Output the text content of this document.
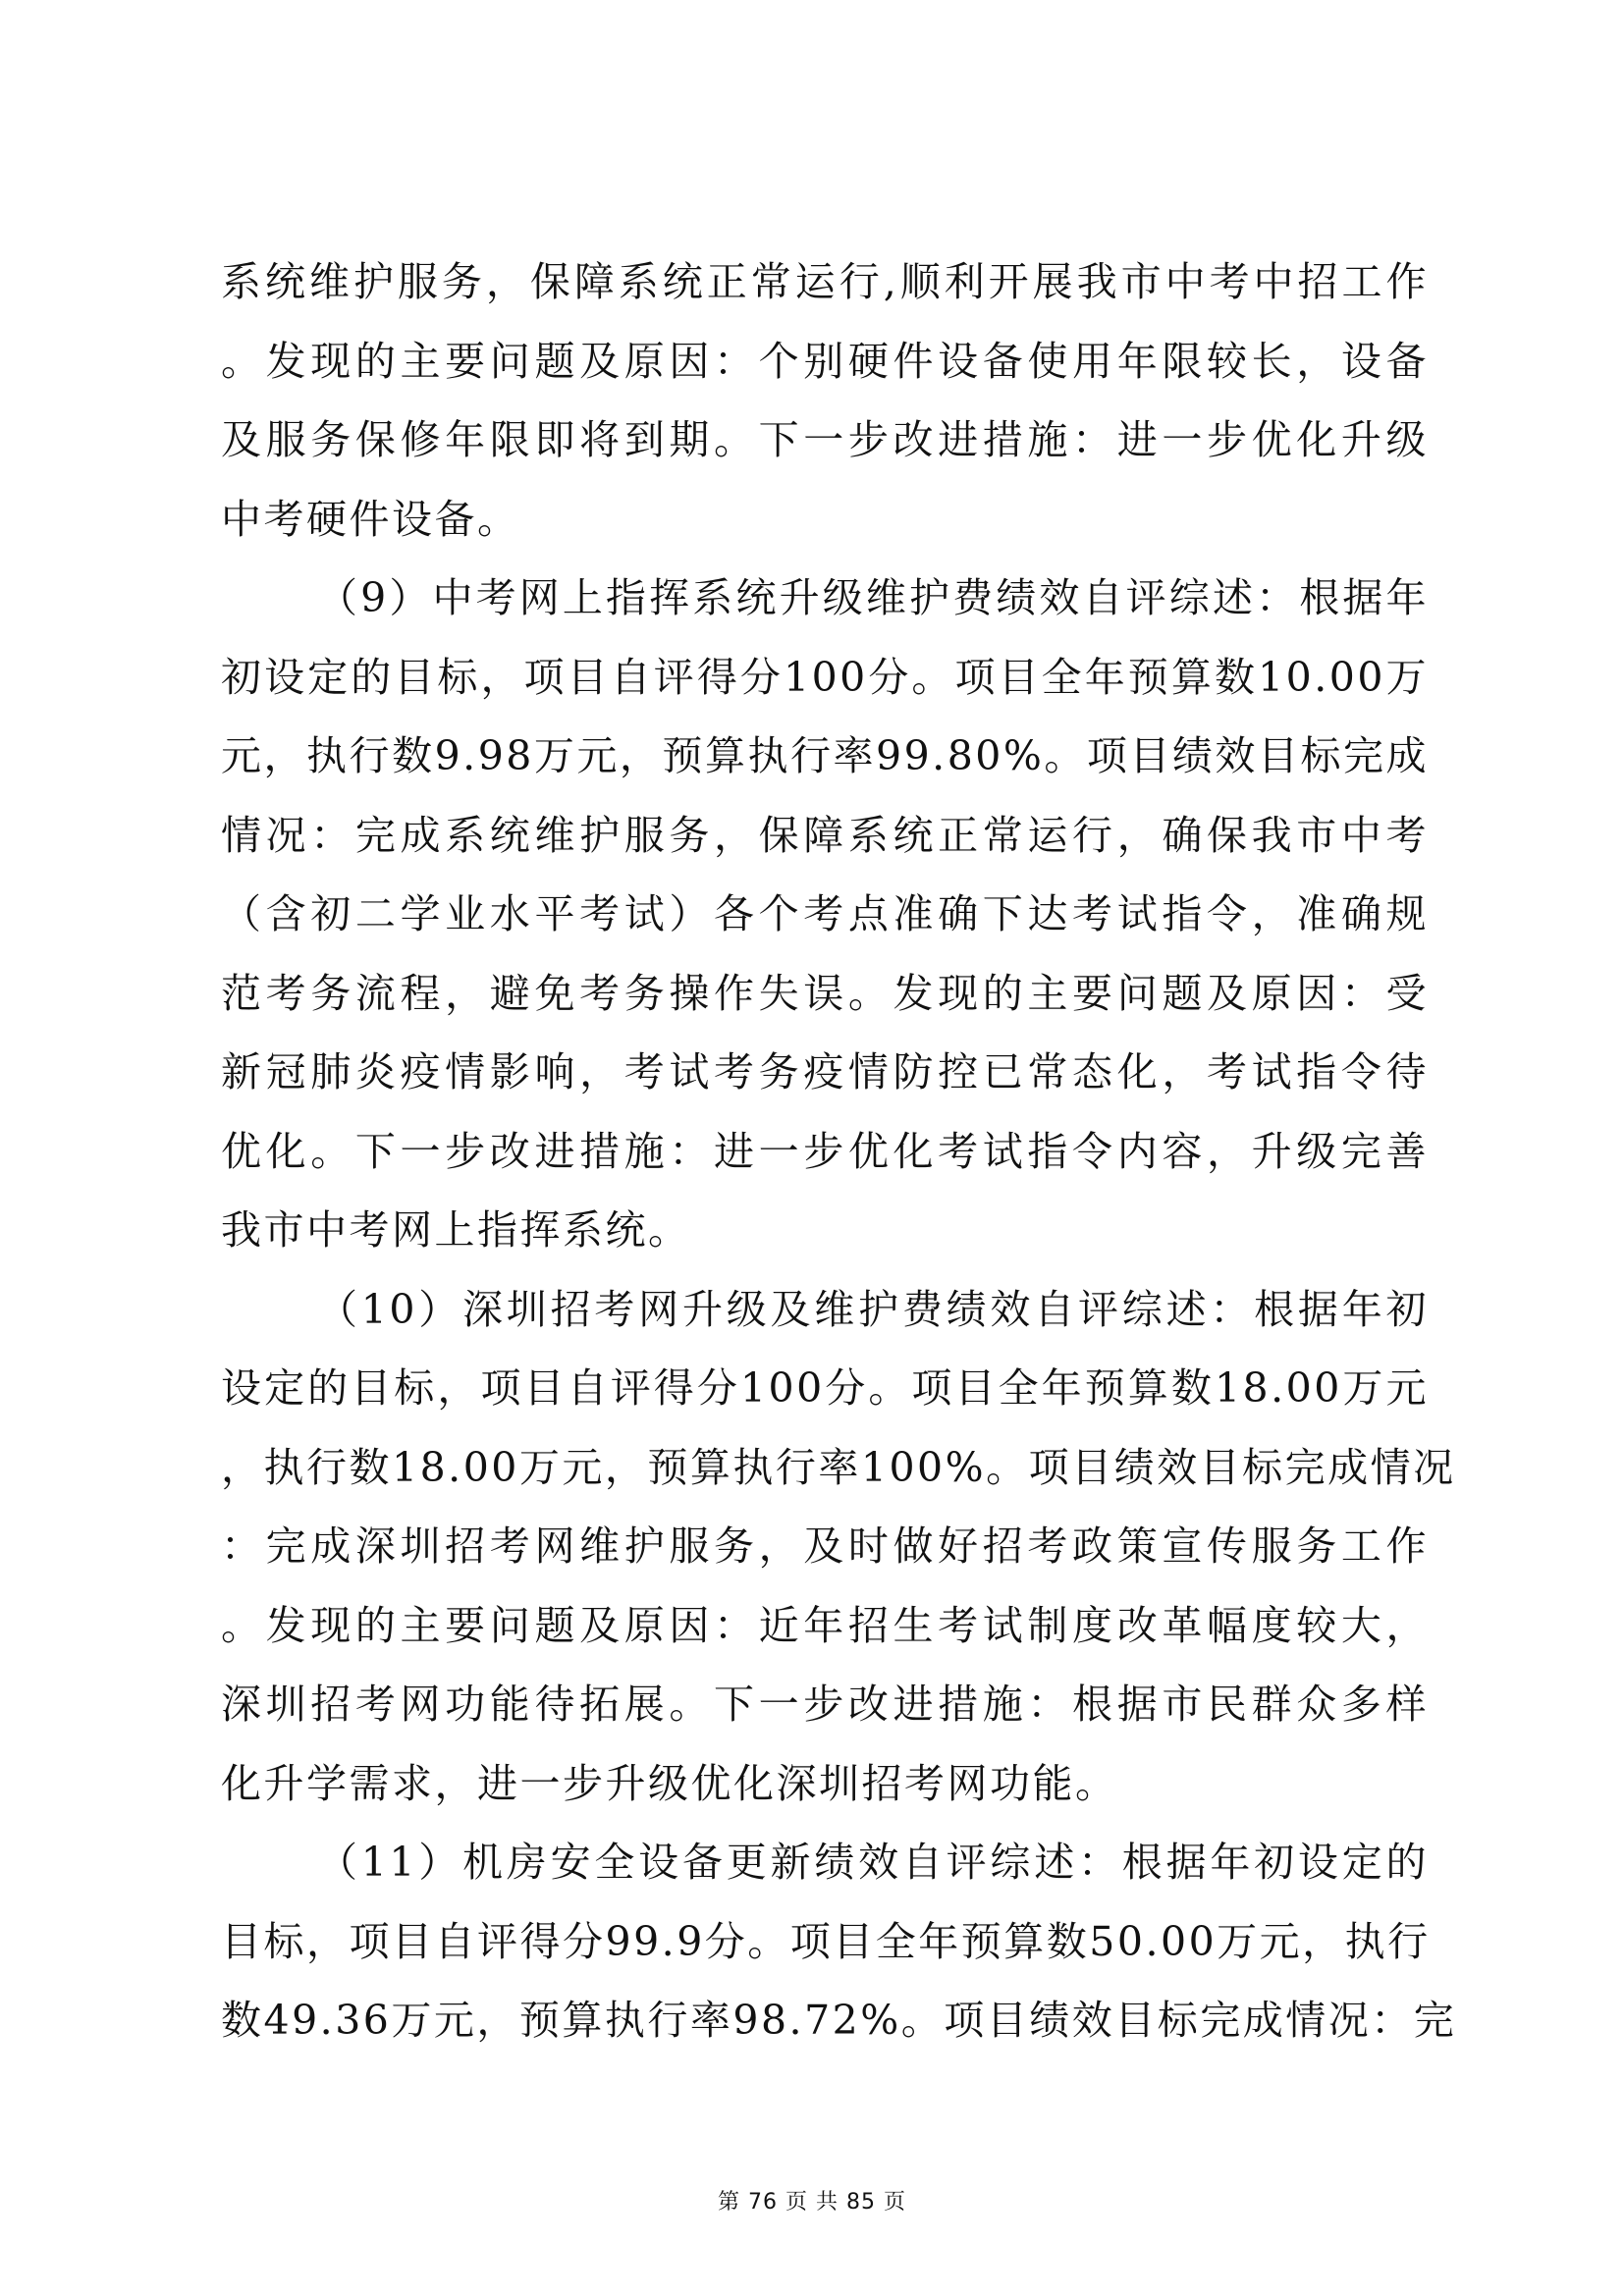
系统维护服务，保障系统正常运行,顺利开展我市中考中招工作
。发现的主要问题及原因：个别硬件设备使用年限较长，设备
及服务保修年限即将到期。下一步改进措施：进一步优化升级
中考硬件设备。
（9）中考网上指挥系统升级维护费绩效自评综述：根据年
初设定的目标，项目自评得分100分。项目全年预算数10.00万
元，执行数9.98万元，预算执行率99.80%。项目绩效目标完成
情况：完成系统维护服务，保障系统正常运行，确保我市中考
（含初二学业水平考试）各个考点准确下达考试指令，准确规
范考务流程，避免考务操作失误。发现的主要问题及原因：受
新冠肺炎疫情影响，考试考务疫情防控已常态化，考试指令待
优化。下一步改进措施：进一步优化考试指令内容，升级完善
我市中考网上指挥系统。
（10）深圳招考网升级及维护费绩效自评综述：根据年初
设定的目标，项目自评得分100分。项目全年预算数18.00万元
，执行数18.00万元，预算执行率100%。项目绩效目标完成情况
：完成深圳招考网维护服务，及时做好招考政策宣传服务工作
。发现的主要问题及原因：近年招生考试制度改革幅度较大，
深圳招考网功能待拓展。下一步改进措施：根据市民群众多样
化升学需求，进一步升级优化深圳招考网功能。
（11）机房安全设备更新绩效自评综述：根据年初设定的
目标，项目自评得分99.9分。项目全年预算数50.00万元，执行
数49.36万元，预算执行率98.72%。项目绩效目标完成情况：完
第 76 页 共 85 页
